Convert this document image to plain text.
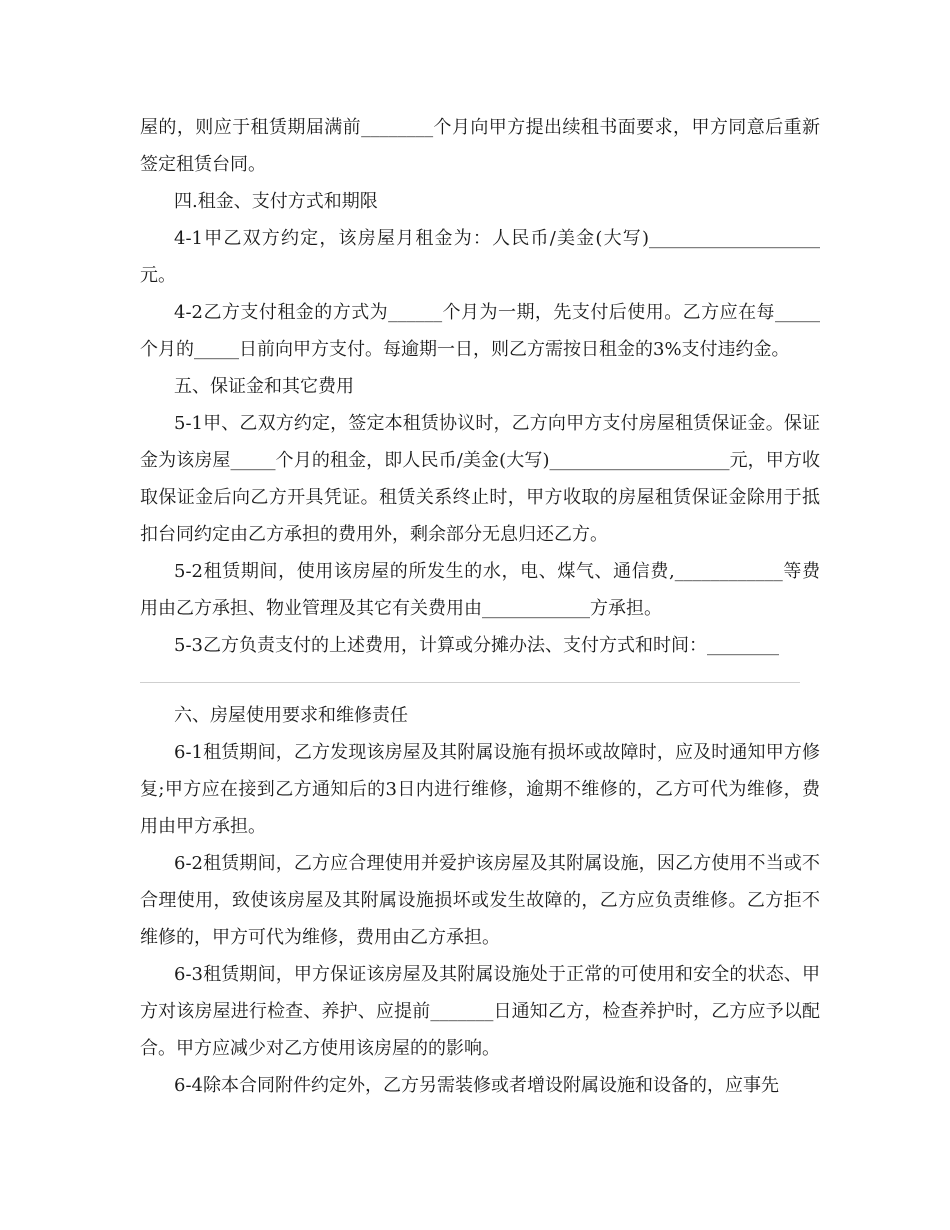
屋的，则应于租赁期届满前________个月向甲方提出续租书面要求，甲方同意后重新签定租赁台同。

四.租金、支付方式和期限

4-1甲乙双方约定，该房屋月租金为：人民币/美金(大写)___________________元。

4-2乙方支付租金的方式为______个月为一期，先支付后使用。乙方应在每_____个月的_____日前向甲方支付。每逾期一日，则乙方需按日租金的3%支付违约金。

五、保证金和其它费用

5-1甲、乙双方约定，签定本租赁协议时，乙方向甲方支付房屋租赁保证金。保证金为该房屋_____个月的租金，即人民币/美金(大写)____________________元，甲方收取保证金后向乙方开具凭证。租赁关系终止时，甲方收取的房屋租赁保证金除用于抵扣台同约定由乙方承担的费用外，剩余部分无息归还乙方。

5-2租赁期间，使用该房屋的所发生的水，电、煤气、通信费,____________等费用由乙方承担、物业管理及其它有关费用由____________方承担。

5-3乙方负责支付的上述费用，计算或分摊办法、支付方式和时间：________

六、房屋使用要求和维修责任

6-1租赁期间，乙方发现该房屋及其附属设施有损坏或故障时，应及时通知甲方修复;甲方应在接到乙方通知后的3日内进行维修，逾期不维修的，乙方可代为维修，费用由甲方承担。

6-2租赁期间，乙方应合理使用并爱护该房屋及其附属设施，因乙方使用不当或不合理使用，致使该房屋及其附属设施损坏或发生故障的，乙方应负责维修。乙方拒不维修的，甲方可代为维修，费用由乙方承担。

6-3租赁期间，甲方保证该房屋及其附属设施处于正常的可使用和安全的状态、甲方对该房屋进行检查、养护、应提前_______日通知乙方，检查养护时，乙方应予以配合。甲方应减少对乙方使用该房屋的的影响。

6-4除本合同附件约定外，乙方另需装修或者增设附属设施和设备的，应事先
